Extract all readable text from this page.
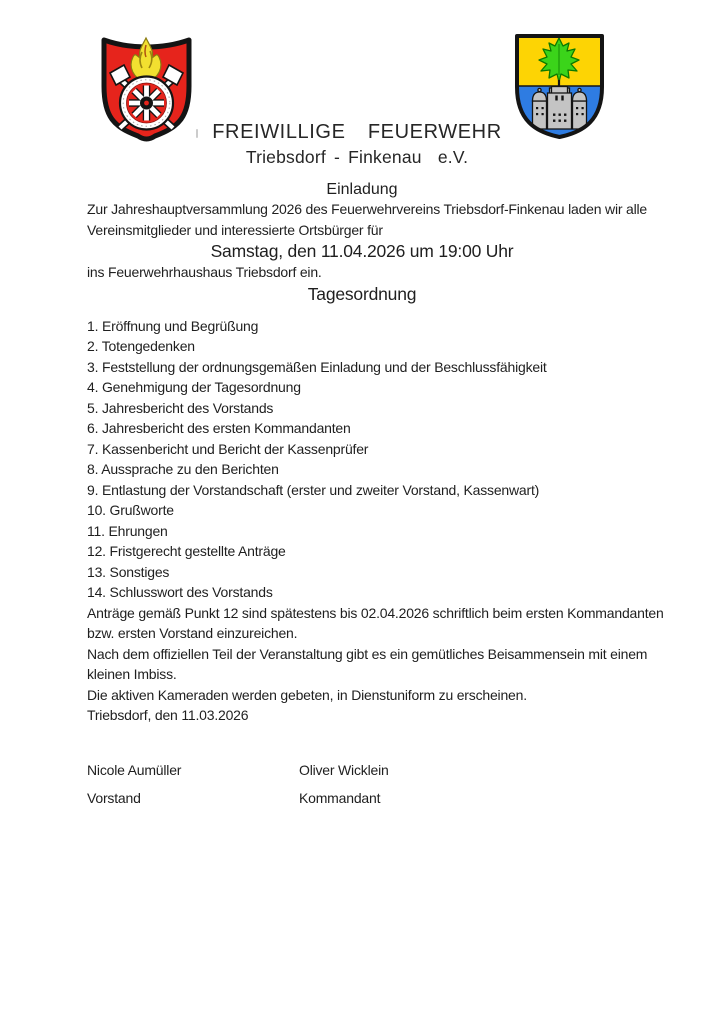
FREIWILLIGE  FEUERWEHR
Triebsdorf - Finkenau  e.V.
Einladung

Zur Jahreshauptversammlung 2026 des Feuerwehrvereins Triebsdorf-Finkenau laden wir alle
Vereinsmitglieder und interessierte Ortsbürger für

Samstag, den 11.04.2026 um 19:00 Uhr

ins Feuerwehrhaushaus Triebsdorf ein.

Tagesordnung

1. Eröffnung und Begrüßung

2. Totengedenken

3. Feststellung der ordnungsgemäßen Einladung und der Beschlussfähigkeit

4. Genehmigung der Tagesordnung

5. Jahresbericht des Vorstands

6. Jahresbericht des ersten Kommandanten

7. Kassenbericht und Bericht der Kassenprüfer

8. Aussprache zu den Berichten

9. Entlastung der Vorstandschaft (erster und zweiter Vorstand, Kassenwart)

10. Grußworte

11. Ehrungen

12. Fristgerecht gestellte Anträge

13. Sonstiges

14. Schlusswort des Vorstands

Anträge gemäß Punkt 12 sind spätestens bis 02.04.2026 schriftlich beim ersten Kommandanten
bzw. ersten Vorstand einzureichen.

Nach dem offiziellen Teil der Veranstaltung gibt es ein gemütliches Beisammensein mit einem
kleinen Imbiss.

Die aktiven Kameraden werden gebeten, in Dienstuniform zu erscheinen.

Triebsdorf, den 11.03.2026

Nicole Aumüller	Oliver Wicklein
Vorstand	Kommandant
